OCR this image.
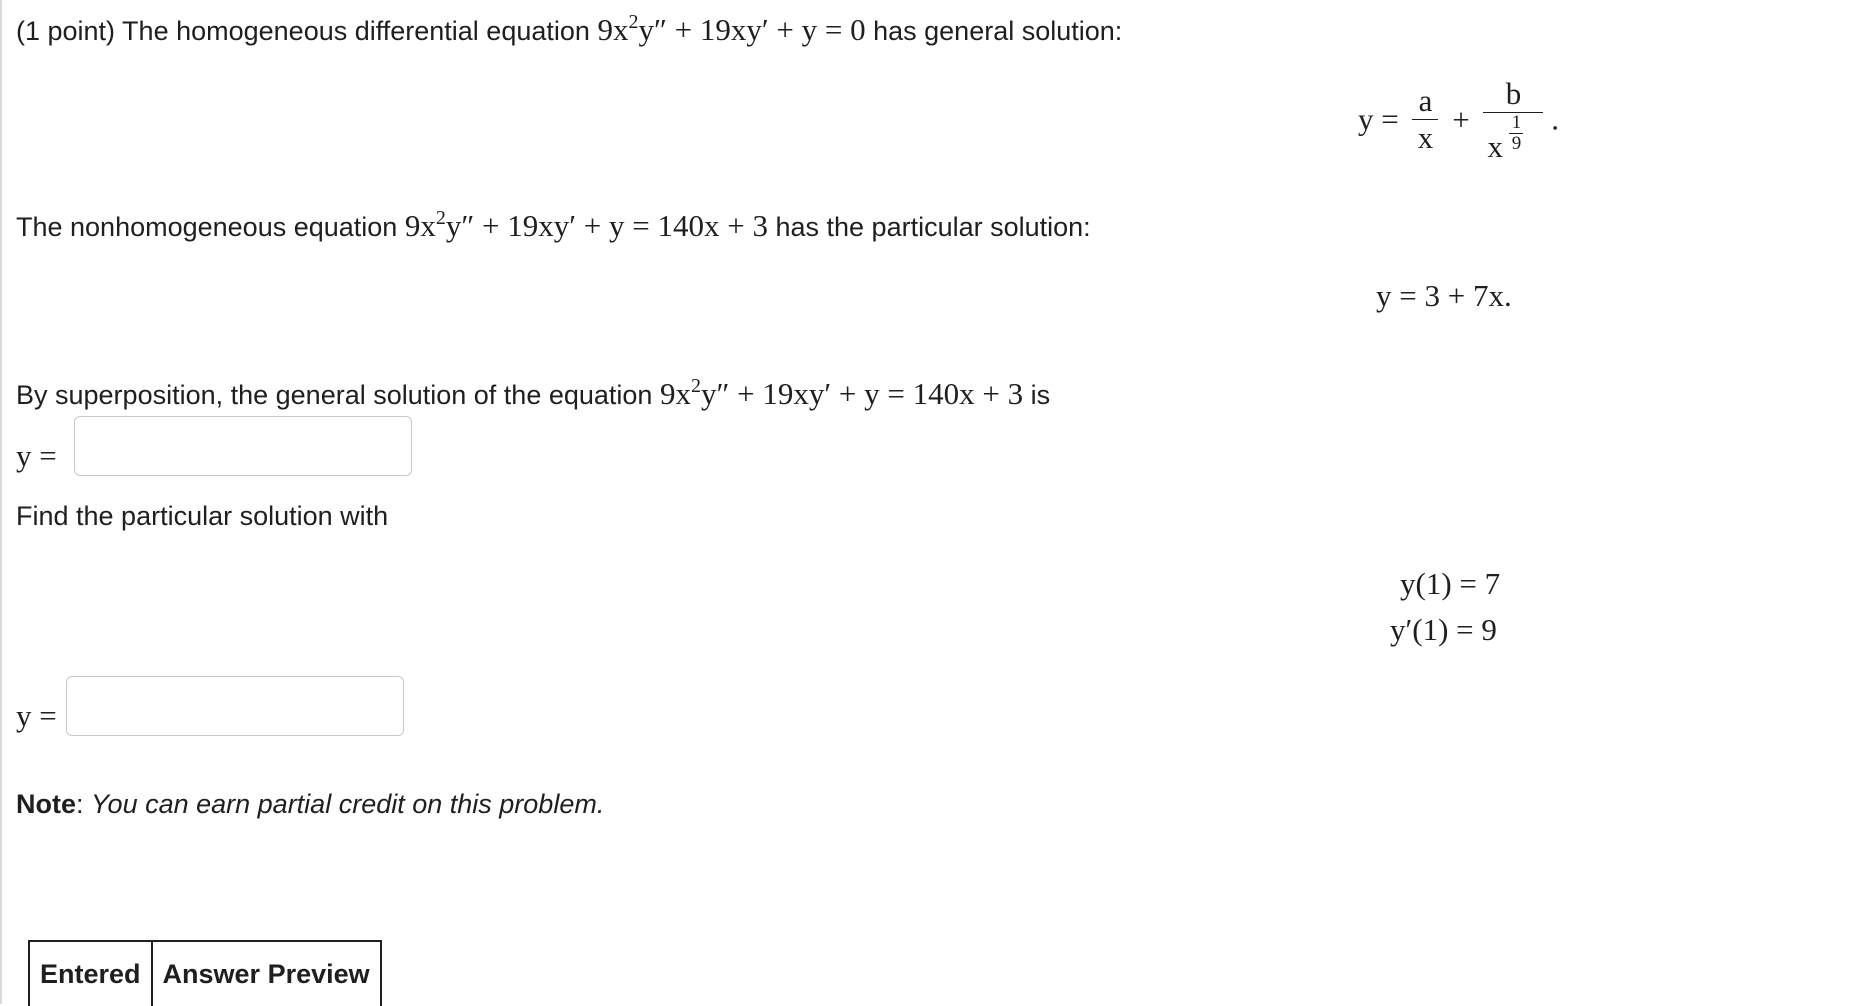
(1 point) The homogeneous differential equation $9x^2y'' + 19xy' + y = 0$ has general solution:
$y = \frac{a}{x} + b$
x
1
9 .
The nonhomogeneous equation $9x^2y'' + 19xy' + y = 140x + 3$ has the particular solution:
y = 3 + 7x.
By superposition, the general solution of the equation $9x^2y'' + 19xy' + y = 140x + 3$ is
y =
Find the particular solution with
y(1) = 7
y′(1) = 9
y =
Note: You can earn partial credit on this problem.
Entered Answer Preview
